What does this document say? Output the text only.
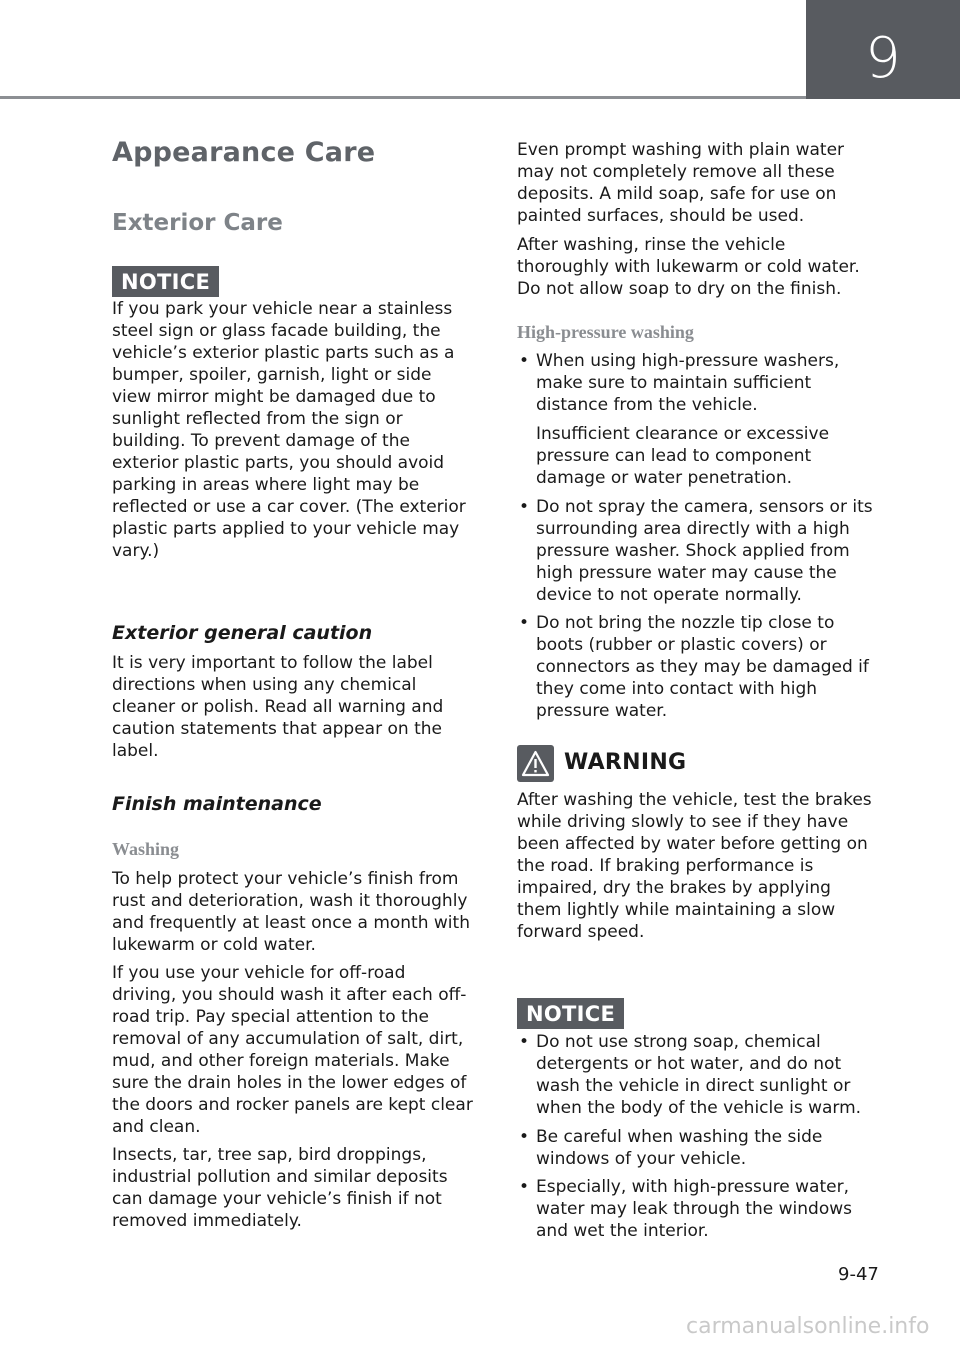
9
Appearance Care
Exterior Care
NOTICE

If you park your vehicle near a stainless steel sign or glass facade building, the vehicle’s exterior plastic parts such as a bumper, spoiler, garnish, light or side view mirror might be damaged due to sunlight reflected from the sign or building. To prevent damage of the exterior plastic parts, you should avoid parking in areas where light may be reflected or use a car cover. (The exterior plastic parts applied to your vehicle may vary.)

Exterior general caution

It is very important to follow the label directions when using any chemical cleaner or polish. Read all warning and caution statements that appear on the label.

Finish maintenance
Washing

To help protect your vehicle’s finish from rust and deterioration, wash it thoroughly and frequently at least once a month with lukewarm or cold water.

If you use your vehicle for off-road driving, you should wash it after each off-road trip. Pay special attention to the removal of any accumulation of salt, dirt, mud, and other foreign materials. Make sure the drain holes in the lower edges of the doors and rocker panels are kept clear and clean.

Insects, tar, tree sap, bird droppings, industrial pollution and similar deposits can damage your vehicle’s finish if not removed immediately.

Even prompt washing with plain water may not completely remove all these deposits. A mild soap, safe for use on painted surfaces, should be used.

After washing, rinse the vehicle thoroughly with lukewarm or cold water. Do not allow soap to dry on the finish.

High-pressure washing

• When using high-pressure washers, make sure to maintain sufficient distance from the vehicle.

Insufficient clearance or excessive pressure can lead to component damage or water penetration.

• Do not spray the camera, sensors or its surrounding area directly with a high pressure washer. Shock applied from high pressure water may cause the device to not operate normally.

• Do not bring the nozzle tip close to boots (rubber or plastic covers) or connectors as they may be damaged if they come into contact with high pressure water.

WARNING

After washing the vehicle, test the brakes while driving slowly to see if they have been affected by water before getting on the road. If braking performance is impaired, dry the brakes by applying them lightly while maintaining a slow forward speed.

NOTICE

• Do not use strong soap, chemical detergents or hot water, and do not wash the vehicle in direct sunlight or when the body of the vehicle is warm.

• Be careful when washing the side windows of your vehicle.

• Especially, with high-pressure water, water may leak through the windows and wet the interior.

9-47
carmanualsonline.info
